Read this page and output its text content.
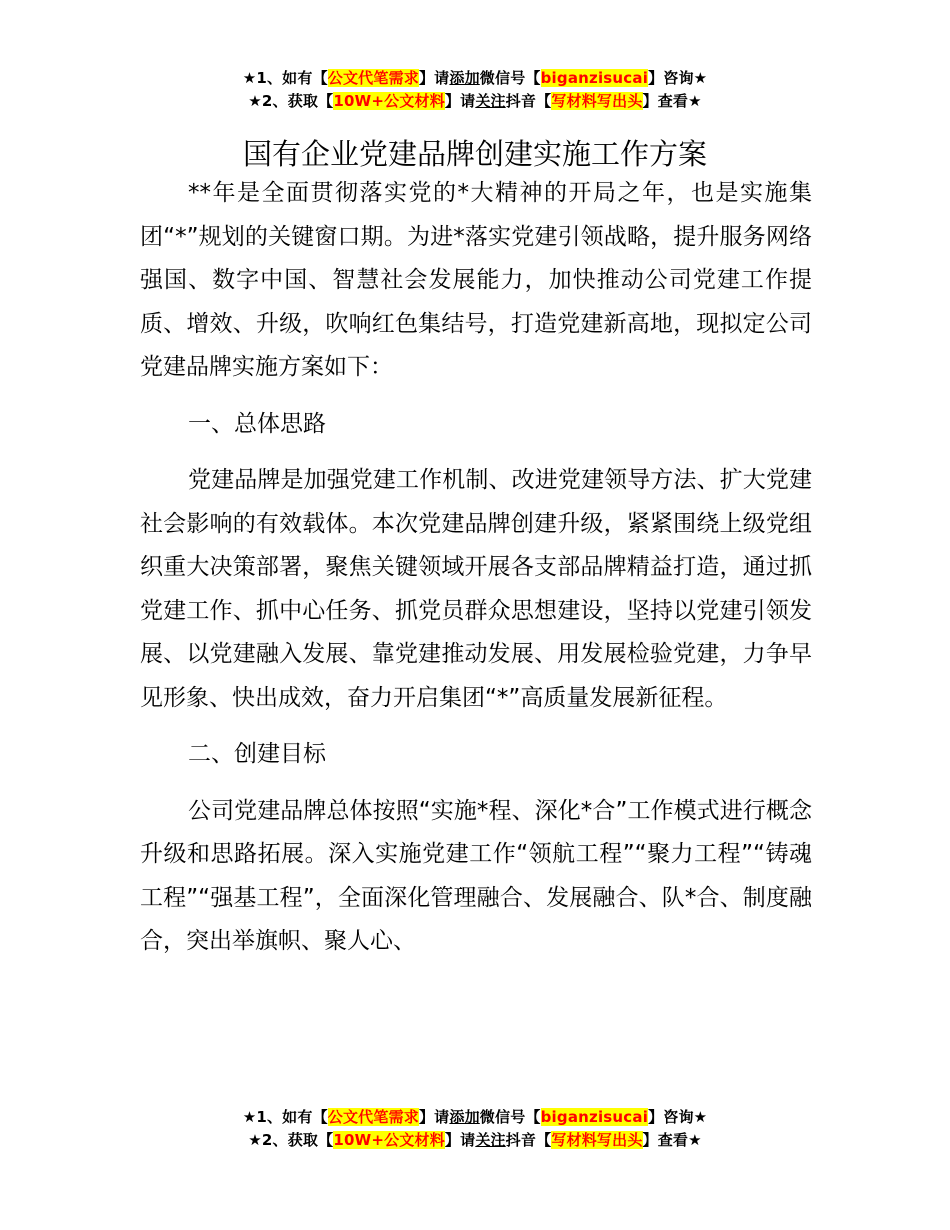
★1、如有【公文代笔需求】请添加微信号【biganzisucai】咨询★
★2、获取【10W+公文材料】请关注抖音【写材料写出头】查看★
国有企业党建品牌创建实施工作方案

**年是全面贯彻落实党的*大精神的开局之年，也是实施集团“*”规划的关键窗口期。为进*落实党建引领战略，提升服务网络强国、数字中国、智慧社会发展能力，加快推动公司党建工作提质、增效、升级，吹响红色集结号，打造党建新高地，现拟定公司党建品牌实施方案如下：

一、总体思路

党建品牌是加强党建工作机制、改进党建领导方法、扩大党建社会影响的有效载体。本次党建品牌创建升级，紧紧围绕上级党组织重大决策部署，聚焦关键领域开展各支部品牌精益打造，通过抓党建工作、抓中心任务、抓党员群众思想建设，坚持以党建引领发展、以党建融入发展、靠党建推动发展、用发展检验党建，力争早见形象、快出成效，奋力开启集团“*”高质量发展新征程。

二、创建目标

公司党建品牌总体按照“实施*程、深化*合”工作模式进行概念升级和思路拓展。深入实施党建工作“领航工程”“聚力工程”“铸魂工程”“强基工程”，全面深化管理融合、发展融合、队*合、制度融合，突出举旗帜、聚人心、

★1、如有【公文代笔需求】请添加微信号【biganzisucai】咨询★
★2、获取【10W+公文材料】请关注抖音【写材料写出头】查看★
